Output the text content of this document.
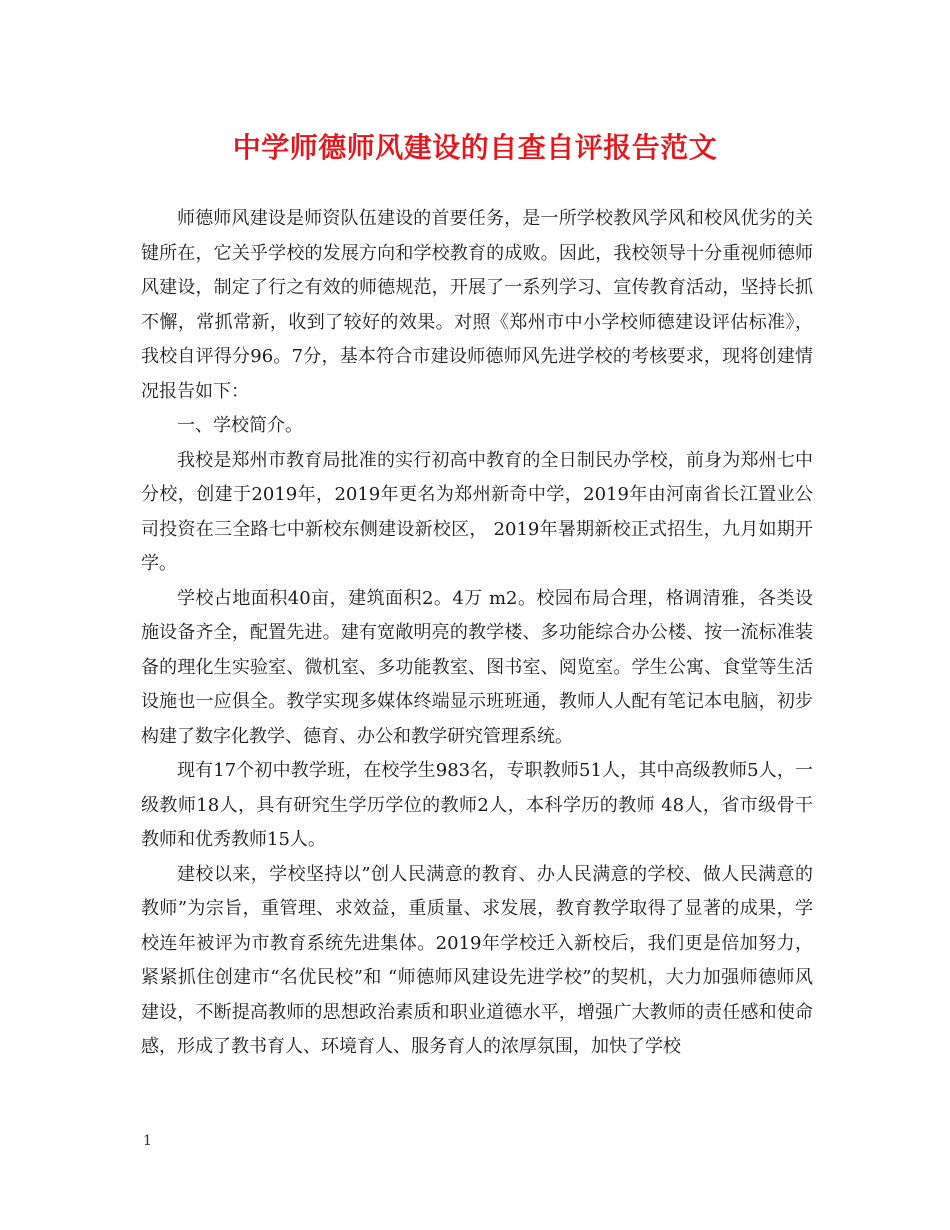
中学师德师风建设的自查自评报告范文

师德师风建设是师资队伍建设的首要任务，是一所学校教风学风和校风优劣的关键所在，它关乎学校的发展方向和学校教育的成败。因此，我校领导十分重视师德师风建设，制定了行之有效的师德规范，开展了一系列学习、宣传教育活动，坚持长抓不懈，常抓常新，收到了较好的效果。对照《郑州市中小学校师德建设评估标准》，我校自评得分96。7分，基本符合市建设师德师风先进学校的考核要求，现将创建情况报告如下：

一、学校简介。

我校是郑州市教育局批准的实行初高中教育的全日制民办学校，前身为郑州七中分校，创建于2019年，2019年更名为郑州新奇中学，2019年由河南省长江置业公司投资在三全路七中新校东侧建设新校区， 2019年暑期新校正式招生，九月如期开学。

学校占地面积40亩，建筑面积2。4万 m2。校园布局合理，格调清雅，各类设施设备齐全，配置先进。建有宽敞明亮的教学楼、多功能综合办公楼、按一流标准装备的理化生实验室、微机室、多功能教室、图书室、阅览室。学生公寓、食堂等生活设施也一应俱全。教学实现多媒体终端显示班班通，教师人人配有笔记本电脑，初步构建了数字化教学、德育、办公和教学研究管理系统。

现有17个初中教学班，在校学生983名，专职教师51人，其中高级教师5人，一级教师18人，具有研究生学历学位的教师2人，本科学历的教师 48人，省市级骨干教师和优秀教师15人。

建校以来，学校坚持以”创人民满意的教育、办人民满意的学校、做人民满意的教师”为宗旨，重管理、求效益，重质量、求发展，教育教学取得了显著的成果，学校连年被评为市教育系统先进集体。2019年学校迁入新校后，我们更是倍加努力，紧紧抓住创建市“名优民校”和 “师德师风建设先进学校”的契机，大力加强师德师风建设，不断提高教师的思想政治素质和职业道德水平，增强广大教师的责任感和使命感，形成了教书育人、环境育人、服务育人的浓厚氛围，加快了学校

1
